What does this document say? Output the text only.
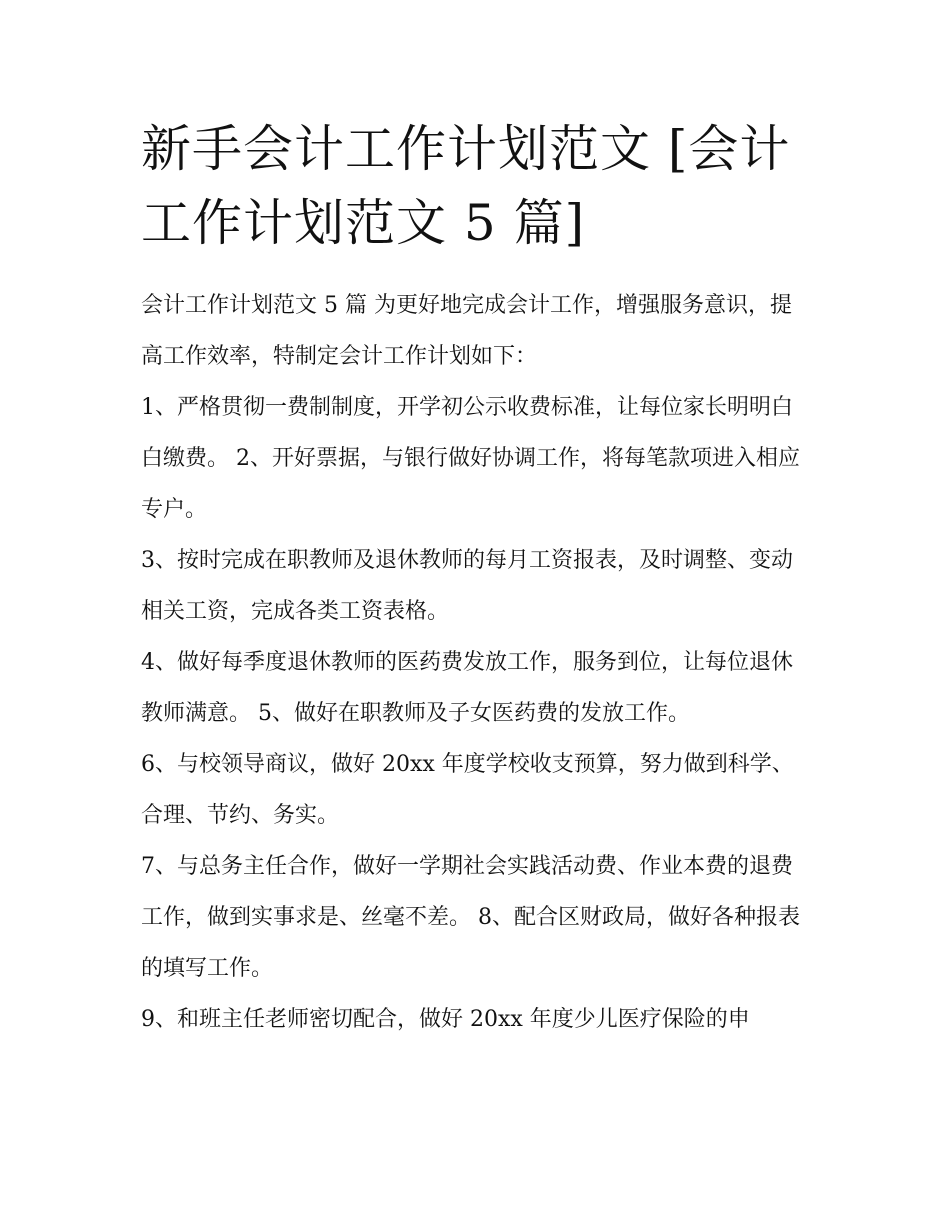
新手会计工作计划范文 [会计工作计划范文 5 篇]

会计工作计划范文 5 篇 为更好地完成会计工作，增强服务意识，提高工作效率，特制定会计工作计划如下：

1、严格贯彻一费制制度，开学初公示收费标准，让每位家长明明白白缴费。 2、开好票据，与银行做好协调工作，将每笔款项进入相应专户。

3、按时完成在职教师及退休教师的每月工资报表，及时调整、变动相关工资，完成各类工资表格。

4、做好每季度退休教师的医药费发放工作，服务到位，让每位退休教师满意。 5、做好在职教师及子女医药费的发放工作。

6、与校领导商议，做好 20xx 年度学校收支预算，努力做到科学、合理、节约、务实。

7、与总务主任合作，做好一学期社会实践活动费、作业本费的退费工作，做到实事求是、丝毫不差。 8、配合区财政局，做好各种报表的填写工作。

9、和班主任老师密切配合，做好 20xx 年度少儿医疗保险的申
